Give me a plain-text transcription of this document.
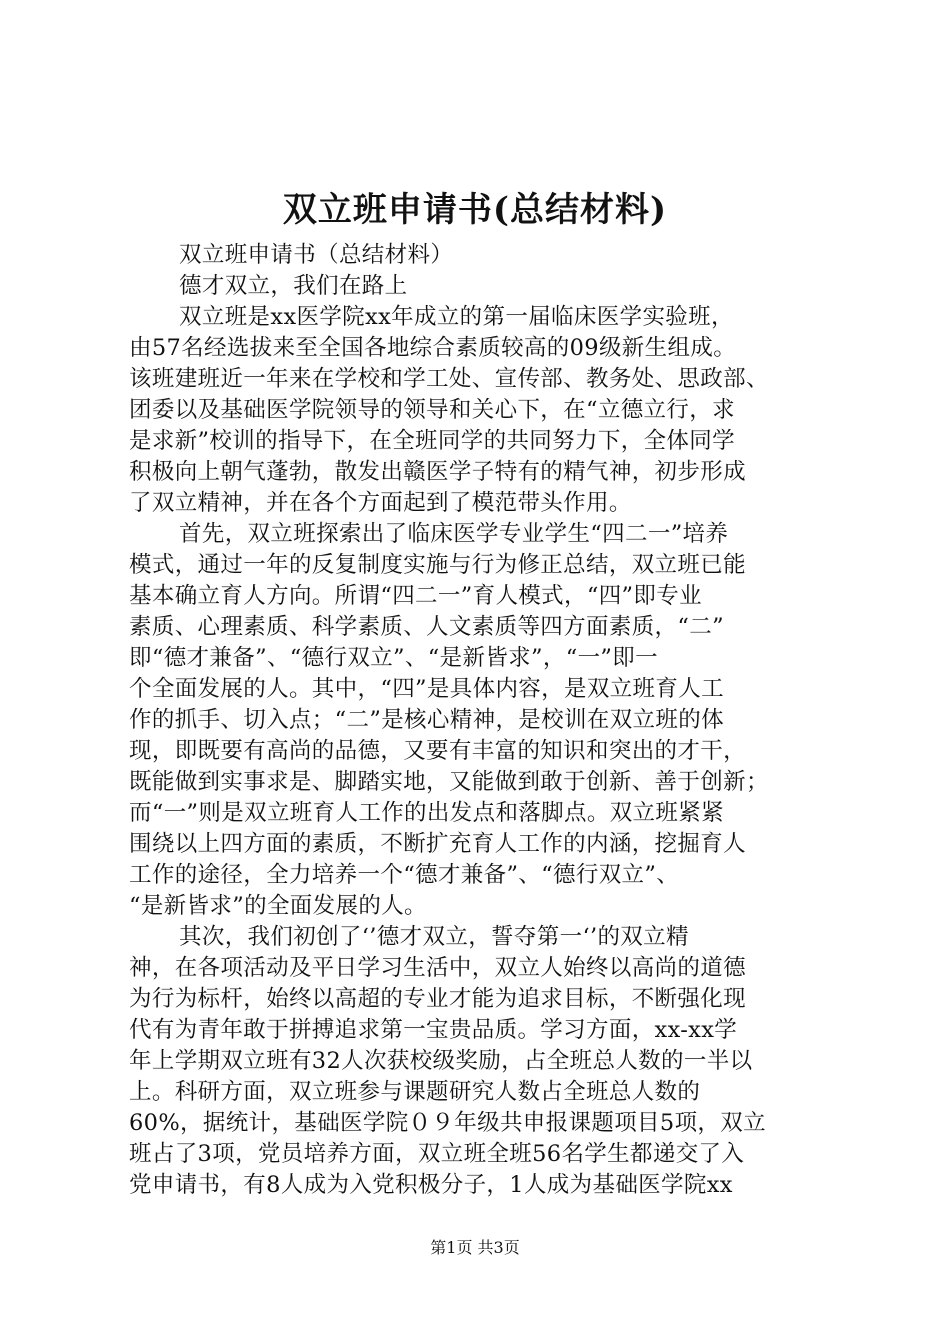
双立班申请书(总结材料)
双立班申请书（总结材料）
德才双立，我们在路上
双立班是xx医学院xx年成立的第一届临床医学实验班，
由57名经选拔来至全国各地综合素质较高的09级新生组成。
该班建班近一年来在学校和学工处、宣传部、教务处、思政部、
团委以及基础医学院领导的领导和关心下，在“立德立行，求
是求新”校训的指导下，在全班同学的共同努力下，全体同学
积极向上朝气蓬勃，散发出赣医学子特有的精气神，初步形成
了双立精神，并在各个方面起到了模范带头作用。
首先，双立班探索出了临床医学专业学生“四二一”培养
模式，通过一年的反复制度实施与行为修正总结，双立班已能
基本确立育人方向。所谓“四二一”育人模式，“四”即专业
素质、心理素质、科学素质、人文素质等四方面素质，“二”
即“德才兼备”、“德行双立”、“是新皆求”，“一”即一
个全面发展的人。其中，“四”是具体内容，是双立班育人工
作的抓手、切入点；“二”是核心精神，是校训在双立班的体
现，即既要有高尚的品德，又要有丰富的知识和突出的才干，
既能做到实事求是、脚踏实地，又能做到敢于创新、善于创新；
而“一”则是双立班育人工作的出发点和落脚点。双立班紧紧
围绕以上四方面的素质，不断扩充育人工作的内涵，挖掘育人
工作的途径，全力培养一个“德才兼备”、“德行双立”、
“是新皆求”的全面发展的人。
其次，我们初创了‘’德才双立，誓夺第一‘’的双立精
神，在各项活动及平日学习生活中，双立人始终以高尚的道德
为行为标杆，始终以高超的专业才能为追求目标，不断强化现
代有为青年敢于拼搏追求第一宝贵品质。学习方面，xx-xx学
年上学期双立班有32人次获校级奖励，占全班总人数的一半以
上。科研方面，双立班参与课题研究人数占全班总人数的
60%，据统计，基础医学院０９年级共申报课题项目5项，双立
班占了3项，党员培养方面，双立班全班56名学生都递交了入
党申请书，有8人成为入党积极分子，1人成为基础医学院xx
第1页 共3页
